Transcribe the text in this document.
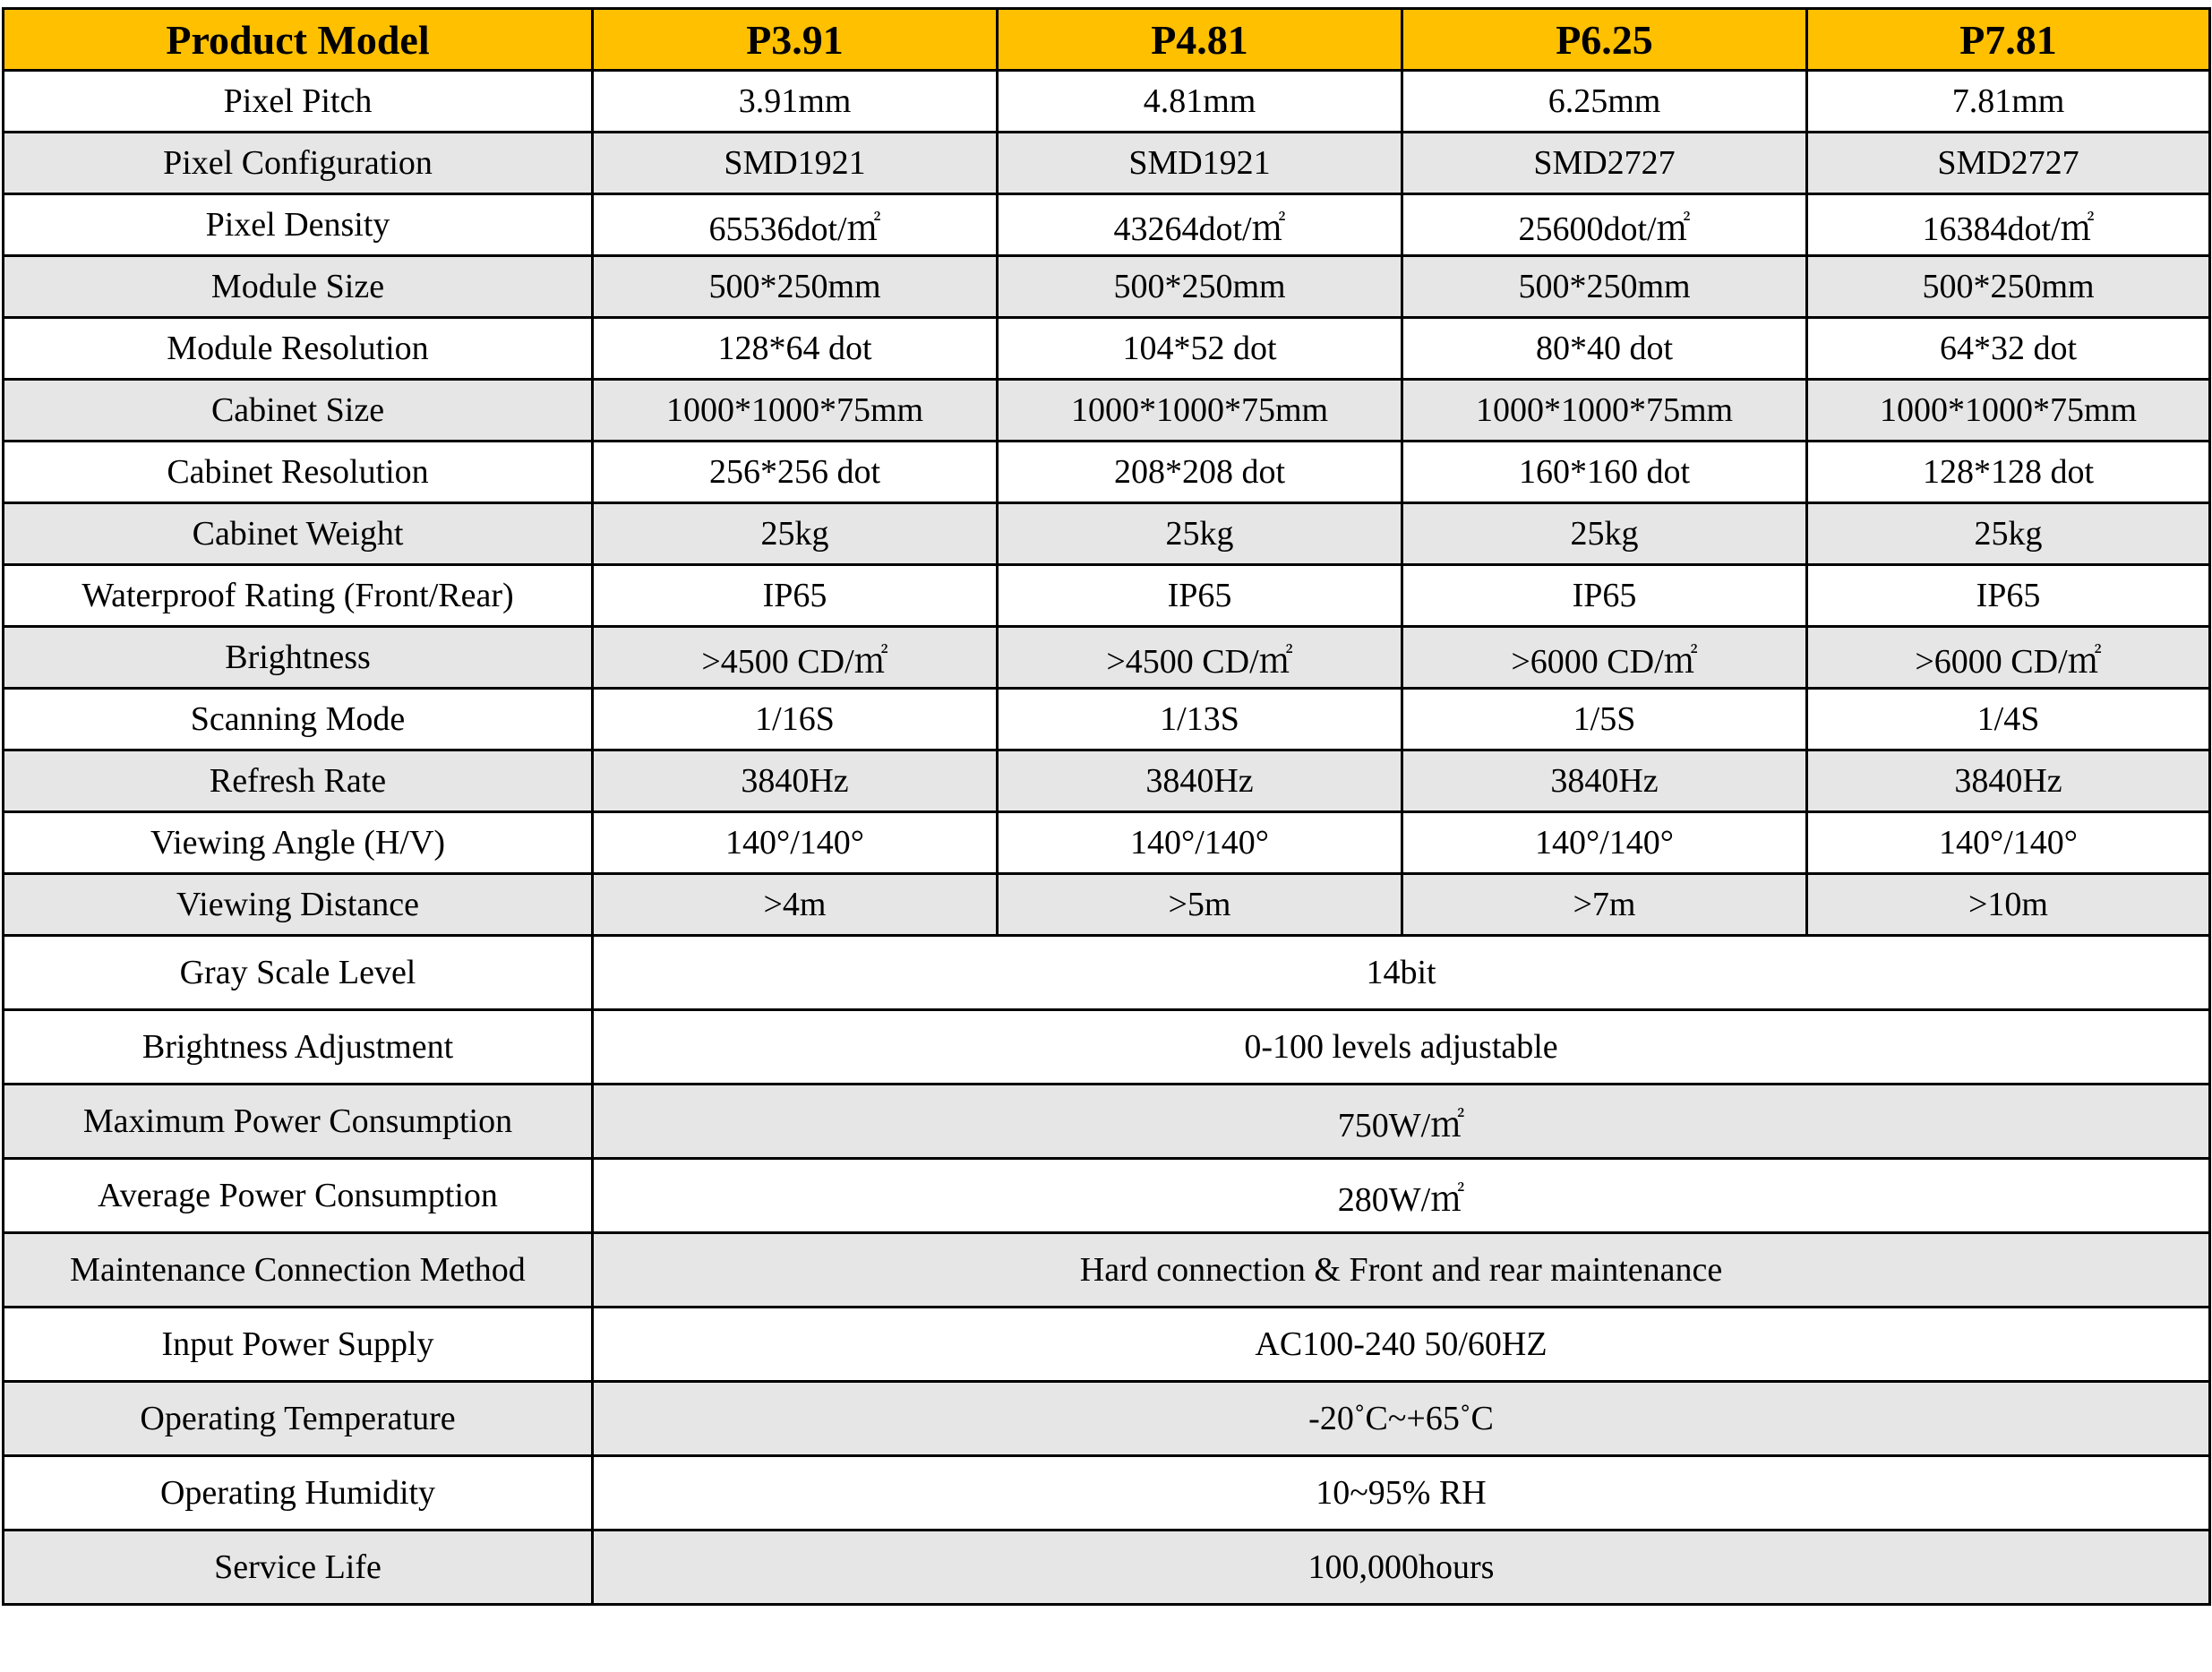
Product Model	P3.91	P4.81	P6.25	P7.81
Pixel Pitch	3.91mm	4.81mm	6.25mm	7.81mm
Pixel Configuration	SMD1921	SMD1921	SMD2727	SMD2727
Pixel Density	65536dot/㎡	43264dot/㎡	25600dot/㎡	16384dot/㎡
Module Size	500*250mm	500*250mm	500*250mm	500*250mm
Module Resolution	128*64 dot	104*52 dot	80*40 dot	64*32 dot
Cabinet Size	1000*1000*75mm	1000*1000*75mm	1000*1000*75mm	1000*1000*75mm
Cabinet Resolution	256*256 dot	208*208 dot	160*160 dot	128*128 dot
Cabinet Weight	25kg	25kg	25kg	25kg
Waterproof Rating (Front/Rear)	IP65	IP65	IP65	IP65
Brightness	>4500 CD/㎡	>4500 CD/㎡	>6000 CD/㎡	>6000 CD/㎡
Scanning Mode	1/16S	1/13S	1/5S	1/4S
Refresh Rate	3840Hz	3840Hz	3840Hz	3840Hz
Viewing Angle (H/V)	140°/140°	140°/140°	140°/140°	140°/140°
Viewing Distance	>4m	>5m	>7m	>10m
Gray Scale Level	14bit			
Brightness Adjustment	0-100 levels adjustable			
Maximum Power Consumption	750W/㎡			
Average Power Consumption	280W/㎡			
Maintenance Connection Method	Hard connection & Front and rear maintenance			
Input Power Supply	AC100-240 50/60HZ			
Operating Temperature	-20˚C~+65˚C			
Operating Humidity	10~95% RH			
Service Life	100,000hours			
